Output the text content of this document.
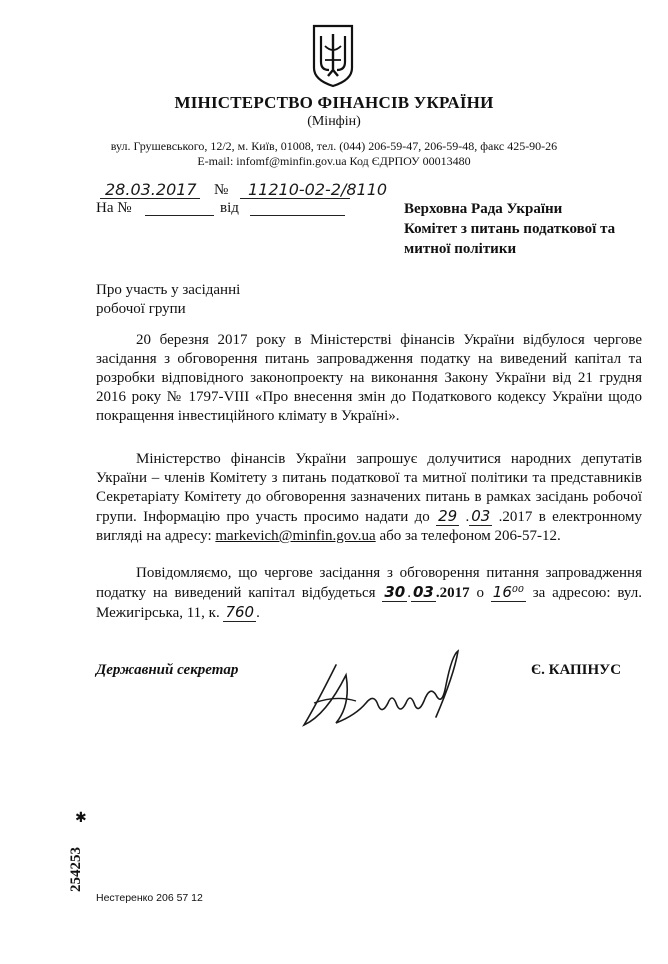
МІНІСТЕРСТВО ФІНАНСІВ УКРАЇНИ
(Мінфін)
вул. Грушевського, 12/2, м. Київ, 01008, тел. (044) 206-59-47, 206-59-48, факс 425-90-26
E-mail: infomf@minfin.gov.ua Код ЄДРПОУ 00013480
28.03.2017 № 11210-02-2/8110
На №	від	Верховна Рада України
Комітет з питань податкової та митної політики
Про участь у засіданні
робочої групи

20 березня 2017 року в Міністерстві фінансів України відбулося чергове засідання з обговорення питань запровадження податку на виведений капітал та розробки відповідного законопроекту на виконання Закону України від 21 грудня 2016 року № 1797-VIII «Про внесення змін до Податкового кодексу України щодо покращення інвестиційного клімату в Україні».

Міністерство фінансів України запрошує долучитися народних депутатів України – членів Комітету з питань податкової та митної політики та представників Секретаріату Комітету до обговорення зазначених питань в рамках засідань робочої групи. Інформацію про участь просимо надати до 29 . 03 .2017 в електронному вигляді на адресу: markevich@minfin.gov.ua або за телефоном 206-57-12.

Повідомляємо, що чергове засідання з обговорення питання запровадження податку на виведений капітал відбудеться 30 . 03 .2017 о 16⁰⁰ за адресою: вул. Межигірська, 11, к. 760 .

Державний секретар	Є. КАПІНУС
✱
254253
Нестеренко 206 57 12
